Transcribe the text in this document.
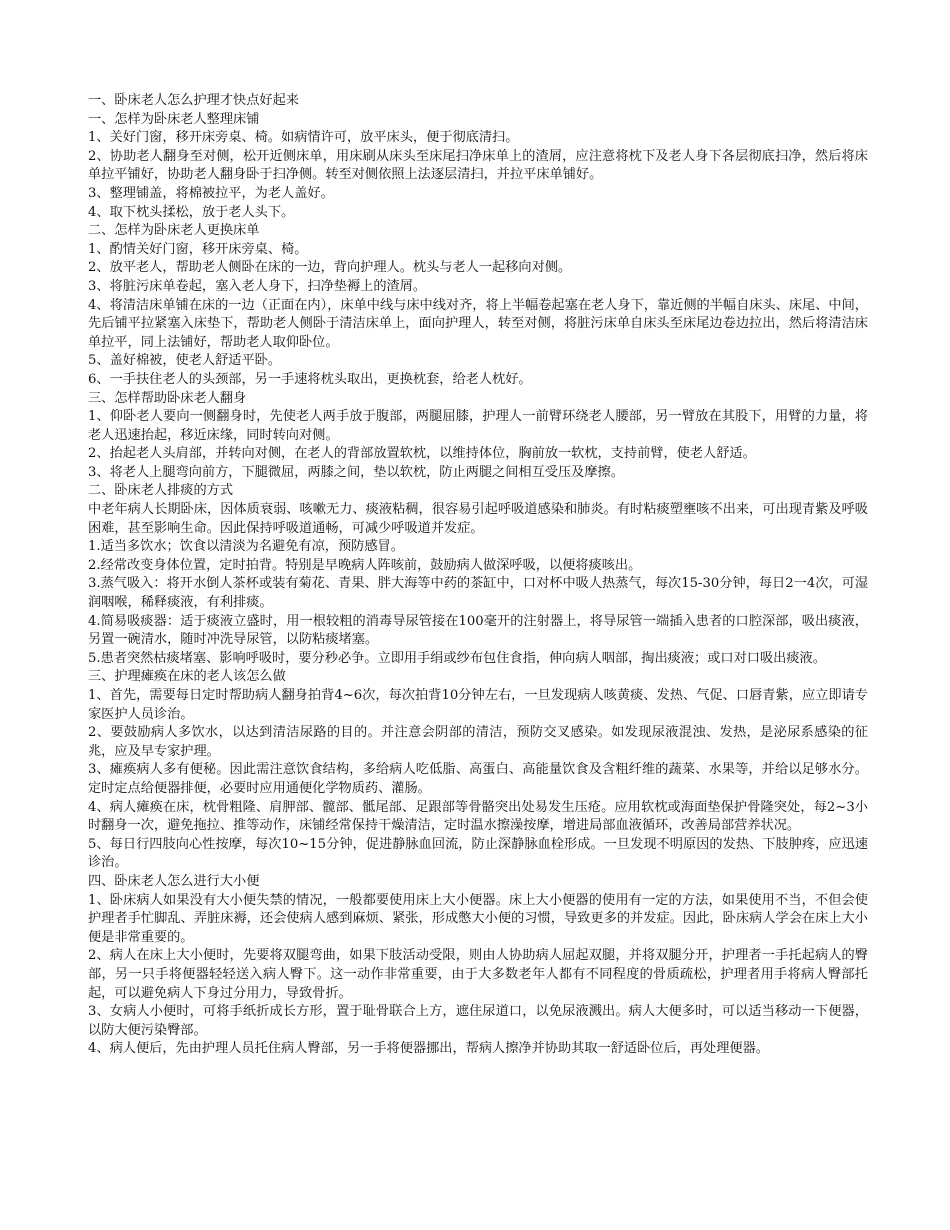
一、卧床老人怎么护理才快点好起来

一、怎样为卧床老人整理床铺

1、关好门窗，移开床旁桌、椅。如病情许可，放平床头，便于彻底清扫。

2、协助老人翻身至对侧，松开近侧床单，用床刷从床头至床尾扫净床单上的渣屑，应注意将枕下及老人身下各层彻底扫净，然后将床单拉平铺好，协助老人翻身卧于扫净侧。转至对侧依照上法逐层清扫，并拉平床单铺好。

3、整理铺盖，将棉被拉平，为老人盖好。

4、取下枕头揉松，放于老人头下。

二、怎样为卧床老人更换床单

1、酌情关好门窗，移开床旁桌、椅。

2、放平老人，帮助老人侧卧在床的一边，背向护理人。枕头与老人一起移向对侧。

3、将脏污床单卷起，塞入老人身下，扫净垫褥上的渣屑。

4、将清洁床单铺在床的一边（正面在内），床单中线与床中线对齐，将上半幅卷起塞在老人身下，靠近侧的半幅自床头、床尾、中间，先后铺平拉紧塞入床垫下，帮助老人侧卧于清洁床单上，面向护理人，转至对侧，将脏污床单自床头至床尾边卷边拉出，然后将清洁床单拉平，同上法铺好，帮助老人取仰卧位。

5、盖好棉被，使老人舒适平卧。

6、一手扶住老人的头颈部，另一手速将枕头取出，更换枕套，给老人枕好。

三、怎样帮助卧床老人翻身

1、仰卧老人要向一侧翻身时，先使老人两手放于腹部，两腿屈膝，护理人一前臂环绕老人腰部，另一臂放在其股下，用臂的力量，将老人迅速抬起，移近床缘，同时转向对侧。

2、抬起老人头肩部，并转向对侧，在老人的背部放置软枕，以维持体位，胸前放一软枕，支持前臂，使老人舒适。

3、将老人上腿弯向前方，下腿微屈，两膝之间，垫以软枕，防止两腿之间相互受压及摩擦。

二、卧床老人排痰的方式

中老年病人长期卧床，因体质衰弱、咳嗽无力、痰液粘稠，很容易引起呼吸道感染和肺炎。有时粘痰塑壅咳不出来，可出现青紫及呼吸困难，甚至影响生命。因此保持呼吸道通畅，可减少呼吸道并发症。

1.适当多饮水；饮食以清淡为名避免有凉，预防感冒。

2.经常改变身体位置，定时拍背。特别是早晚病人阵咳前，鼓励病人做深呼吸，以便将痰咳出。

3.蒸气吸入：将开水倒人茶杯或装有菊花、青果、胖大海等中药的茶缸中，口对杯中吸人热蒸气，每次15-30分钟，每日2一4次，可湿润咽喉，稀释痰液，有利排痰。

4.简易吸痰器：适于痰液立盛时，用一根较粗的消毒导尿管接在100毫开的注射器上，将导尿管一端插入患者的口腔深部，吸出痰液，另置一碗清水，随时冲洗导尿管，以防粘痰堵塞。

5.患者突然枯痰堵塞、影响呼吸时，要分秒必争。立即用手绢或纱布包住食指，伸向病人咽部，掏出痰液；或口对口吸出痰液。

三、护理瘫痪在床的老人该怎么做

1、首先，需要每日定时帮助病人翻身拍背4~6次，每次拍背10分钟左右，一旦发现病人咳黄痰、发热、气促、口唇青紫，应立即请专家医护人员诊治。

2、要鼓励病人多饮水，以达到清洁尿路的目的。并注意会阴部的清洁，预防交叉感染。如发现尿液混浊、发热，是泌尿系感染的征兆，应及早专家护理。

3、瘫痪病人多有便秘。因此需注意饮食结构，多给病人吃低脂、高蛋白、高能量饮食及含粗纤维的蔬菜、水果等，并给以足够水分。定时定点给便器排便，必要时应用通便化学物质药、灌肠。

4、病人瘫痪在床，枕骨粗隆、肩胛部、髋部、骶尾部、足跟部等骨骼突出处易发生压疮。应用软枕或海面垫保护骨隆突处，每2~3小时翻身一次，避免拖拉、推等动作，床铺经常保持干燥清洁，定时温水擦澡按摩，增进局部血液循环，改善局部营养状况。

5、每日行四肢向心性按摩，每次10~15分钟，促进静脉血回流，防止深静脉血栓形成。一旦发现不明原因的发热、下肢肿疼，应迅速诊治。

四、卧床老人怎么进行大小便

1、卧床病人如果没有大小便失禁的情况，一般都要使用床上大小便器。床上大小便器的使用有一定的方法，如果使用不当，不但会使护理者手忙脚乱、弄脏床褥，还会使病人感到麻烦、紧张，形成憋大小便的习惯，导致更多的并发症。因此，卧床病人学会在床上大小便是非常重要的。

2、病人在床上大小便时，先要将双腿弯曲，如果下肢活动受限，则由人协助病人屈起双腿，并将双腿分开，护理者一手托起病人的臀部，另一只手将便器轻轻送入病人臀下。这一动作非常重要，由于大多数老年人都有不同程度的骨质疏松，护理者用手将病人臀部托起，可以避免病人下身过分用力，导致骨折。

3、女病人小便时，可将手纸折成长方形，置于耻骨联合上方，遮住尿道口，以免尿液溅出。病人大便多时，可以适当移动一下便器，以防大便污染臀部。

4、病人便后，先由护理人员托住病人臀部，另一手将便器挪出，帮病人擦净并协助其取一舒适卧位后，再处理便器。
